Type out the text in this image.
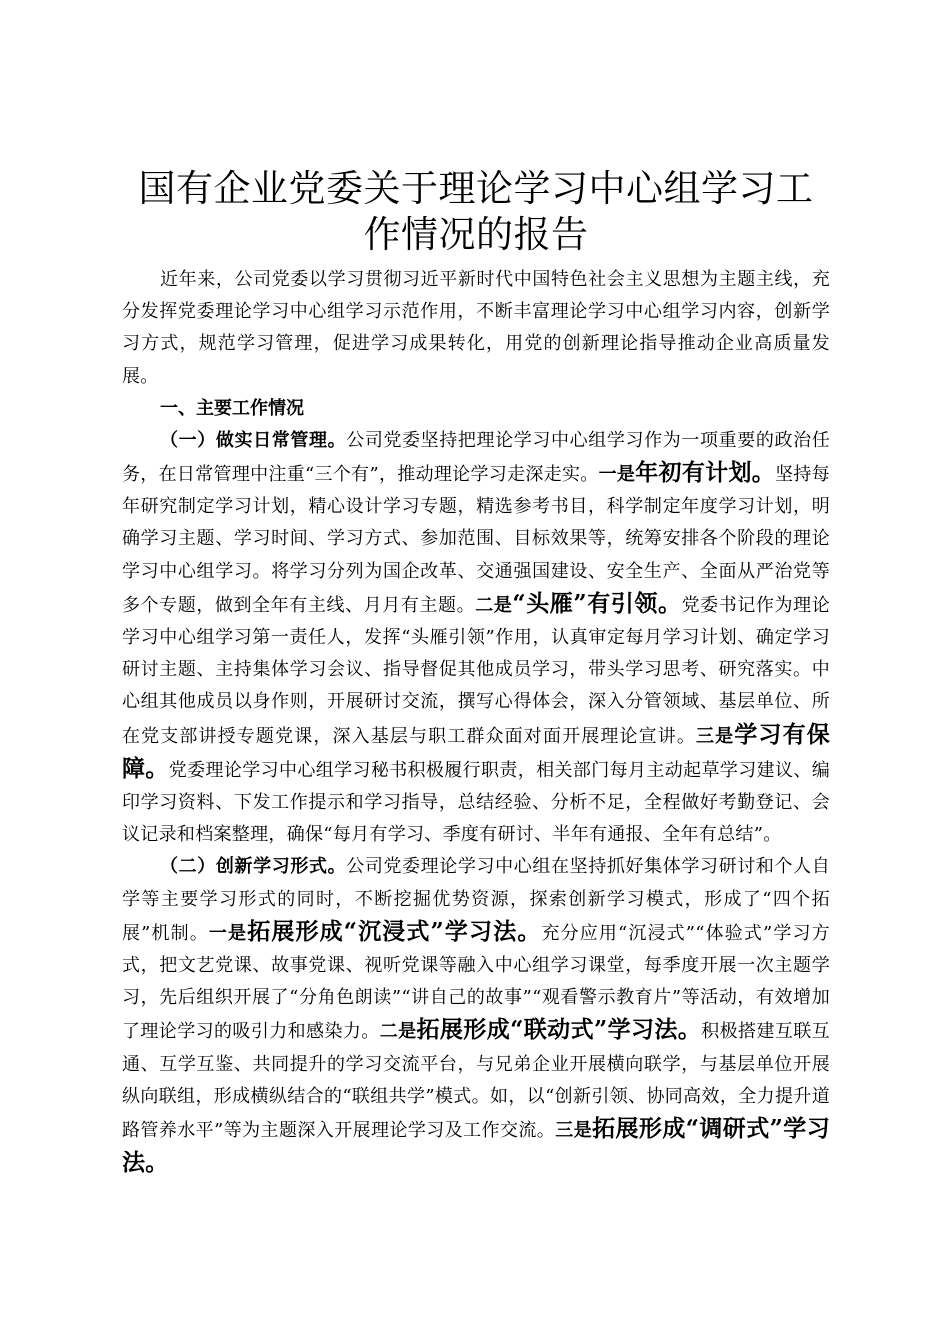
国有企业党委关于理论学习中心组学习工作情况的报告

近年来，公司党委以学习贯彻习近平新时代中国特色社会主义思想为主题主线，充分发挥党委理论学习中心组学习示范作用，不断丰富理论学习中心组学习内容，创新学习方式，规范学习管理，促进学习成果转化，用党的创新理论指导推动企业高质量发展。

一、主要工作情况

（一）做实日常管理。公司党委坚持把理论学习中心组学习作为一项重要的政治任务，在日常管理中注重“三个有”，推动理论学习走深走实。一是年初有计划。坚持每年研究制定学习计划，精心设计学习专题，精选参考书目，科学制定年度学习计划，明确学习主题、学习时间、学习方式、参加范围、目标效果等，统筹安排各个阶段的理论学习中心组学习。将学习分列为国企改革、交通强国建设、安全生产、全面从严治党等多个专题，做到全年有主线、月月有主题。二是“头雁”有引领。党委书记作为理论学习中心组学习第一责任人，发挥“头雁引领”作用，认真审定每月学习计划、确定学习研讨主题、主持集体学习会议、指导督促其他成员学习，带头学习思考、研究落实。中心组其他成员以身作则，开展研讨交流，撰写心得体会，深入分管领域、基层单位、所在党支部讲授专题党课，深入基层与职工群众面对面开展理论宣讲。三是学习有保障。党委理论学习中心组学习秘书积极履行职责，相关部门每月主动起草学习建议、编印学习资料、下发工作提示和学习指导，总结经验、分析不足，全程做好考勤登记、会议记录和档案整理，确保“每月有学习、季度有研讨、半年有通报、全年有总结”。

（二）创新学习形式。公司党委理论学习中心组在坚持抓好集体学习研讨和个人自学等主要学习形式的同时，不断挖掘优势资源，探索创新学习模式，形成了“四个拓展”机制。一是拓展形成“沉浸式”学习法。充分应用“沉浸式”“体验式”学习方式，把文艺党课、故事党课、视听党课等融入中心组学习课堂，每季度开展一次主题学习，先后组织开展了“分角色朗读”“讲自己的故事”“观看警示教育片”等活动，有效增加了理论学习的吸引力和感染力。二是拓展形成“联动式”学习法。积极搭建互联互通、互学互鉴、共同提升的学习交流平台，与兄弟企业开展横向联学，与基层单位开展纵向联组，形成横纵结合的“联组共学”模式。如，以“创新引领、协同高效，全力提升道路管养水平”等为主题深入开展理论学习及工作交流。三是拓展形成“调研式”学习法。
